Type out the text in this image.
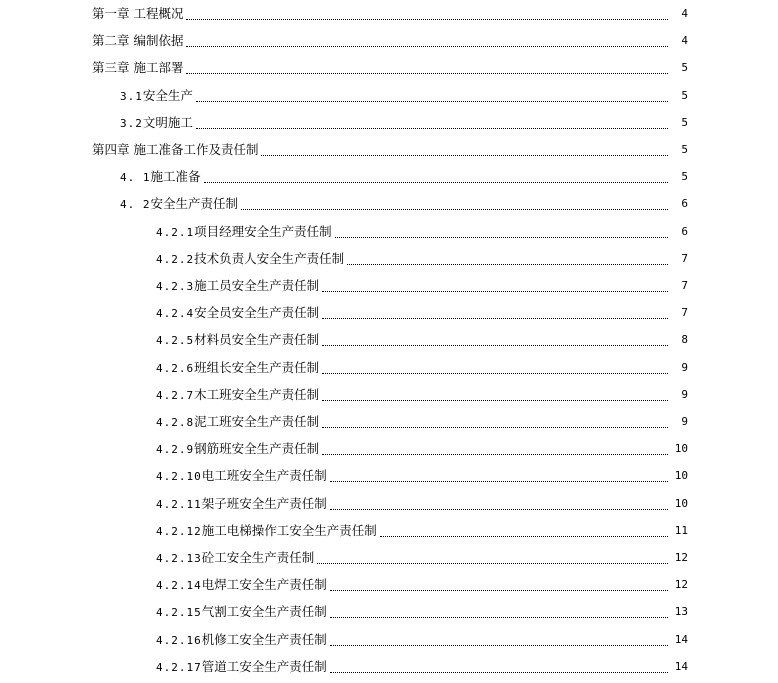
第一章 工程概况	4
第二章 编制依据	4
第三章 施工部署	5
3.1安全生产	5
3.2文明施工	5
第四章 施工准备工作及责任制	5
4. 1施工准备	5
4. 2安全生产责任制	6
4.2.1项目经理安全生产责任制	6
4.2.2技术负责人安全生产责任制	7
4.2.3施工员安全生产责任制	7
4.2.4安全员安全生产责任制	7
4.2.5材料员安全生产责任制	8
4.2.6班组长安全生产责任制	9
4.2.7木工班安全生产责任制	9
4.2.8泥工班安全生产责任制	9
4.2.9钢筋班安全生产责任制	10
4.2.10电工班安全生产责任制	10
4.2.11架子班安全生产责任制	10
4.2.12施工电梯操作工安全生产责任制	11
4.2.13砼工安全生产责任制	12
4.2.14电焊工安全生产责任制	12
4.2.15气割工安全生产责任制	13
4.2.16机修工安全生产责任制	14
4.2.17管道工安全生产责任制	14
